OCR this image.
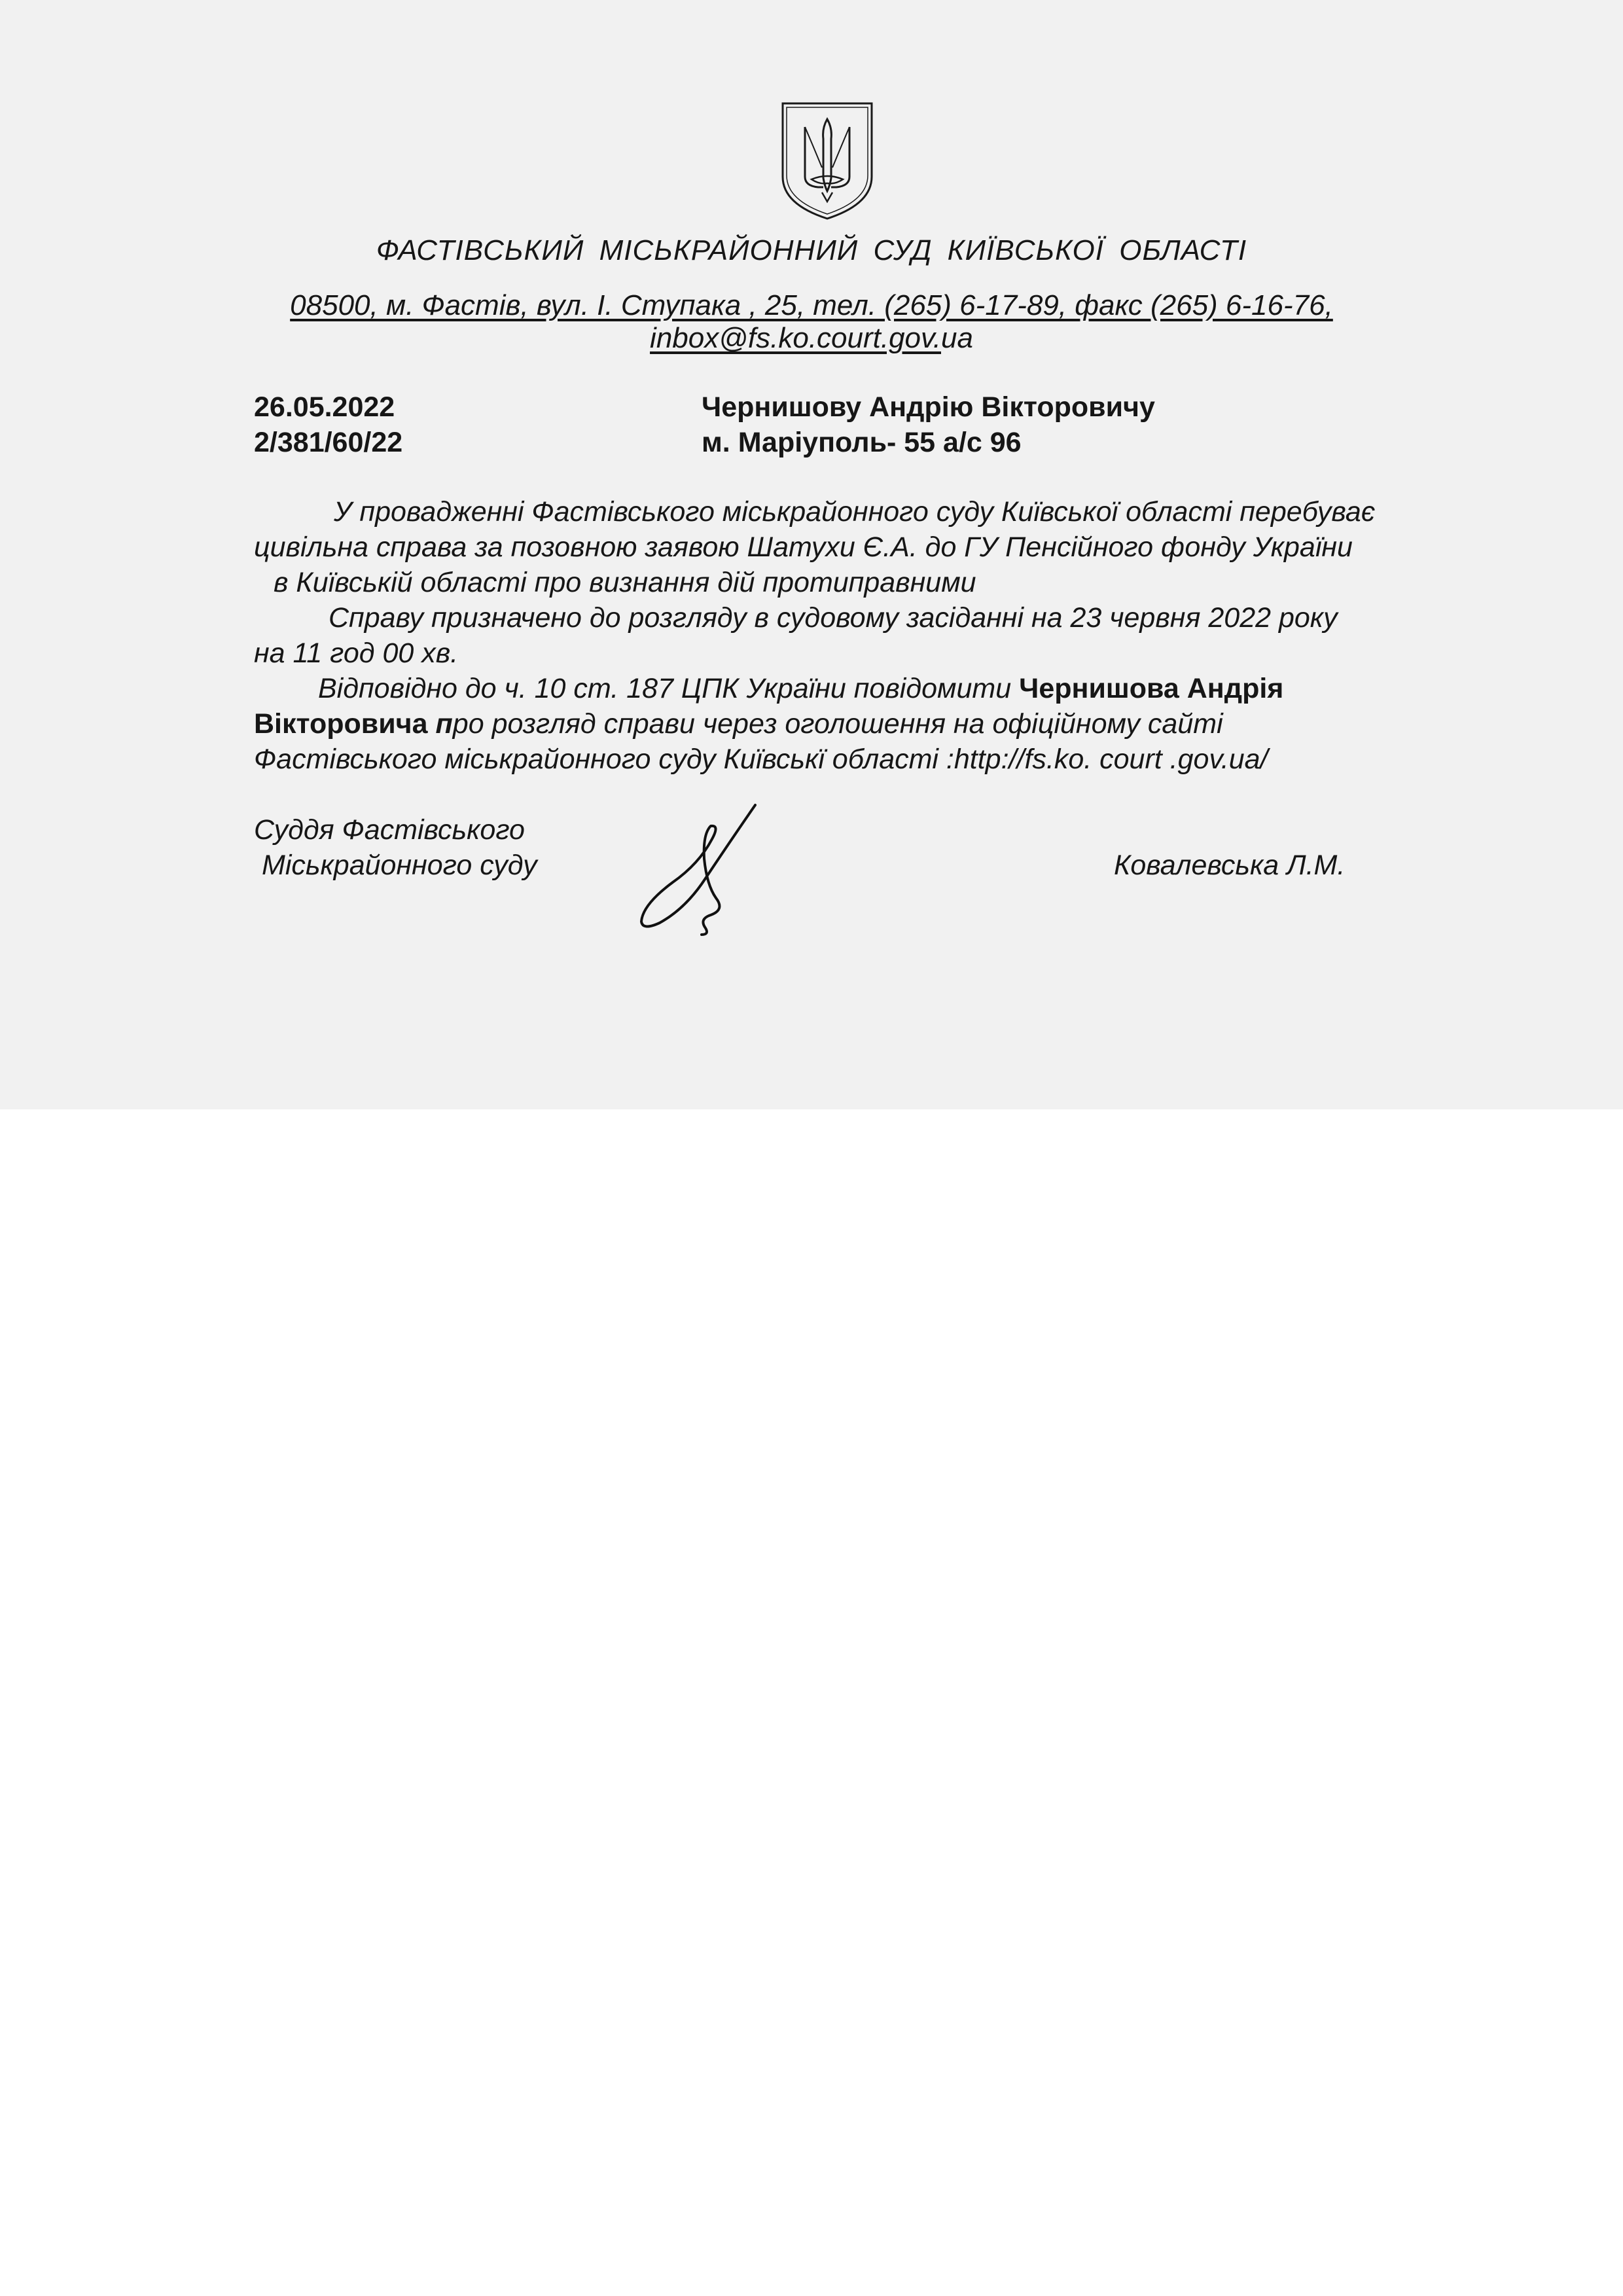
ФАСТІВСЬКИЙ МІСЬКРАЙОННИЙ СУД КИЇВСЬКОЇ ОБЛАСТІ
08500, м. Фастів, вул. І. Ступака , 25, тел. (265) 6-17-89, факс (265) 6-16-76,
inbox@fs.ko.court.gov.ua
26.05.2022
2/381/60/22
Чернишову Андрію Вікторовичу
м. Маріуполь- 55 а/с 96
У провадженні Фастівського міськрайонного суду Київської області перебуває
цивільна справа за позовною заявою Шатухи Є.А. до ГУ Пенсійного фонду України
в Київській області про визнання дій протиправними
Справу призначено до розгляду в судовому засіданні на 23 червня 2022 року
на 11 год 00 хв.
Відповідно до ч. 10 ст. 187 ЦПК України повідомити Чернишова Андрія
Вікторовича про розгляд справи через оголошення на офіційному сайті
Фастівського міськрайонного суду Київськї області :http://fs.ko. court .gov.ua/
Суддя Фастівського
Міськрайонного суду	Ковалевська Л.М.
